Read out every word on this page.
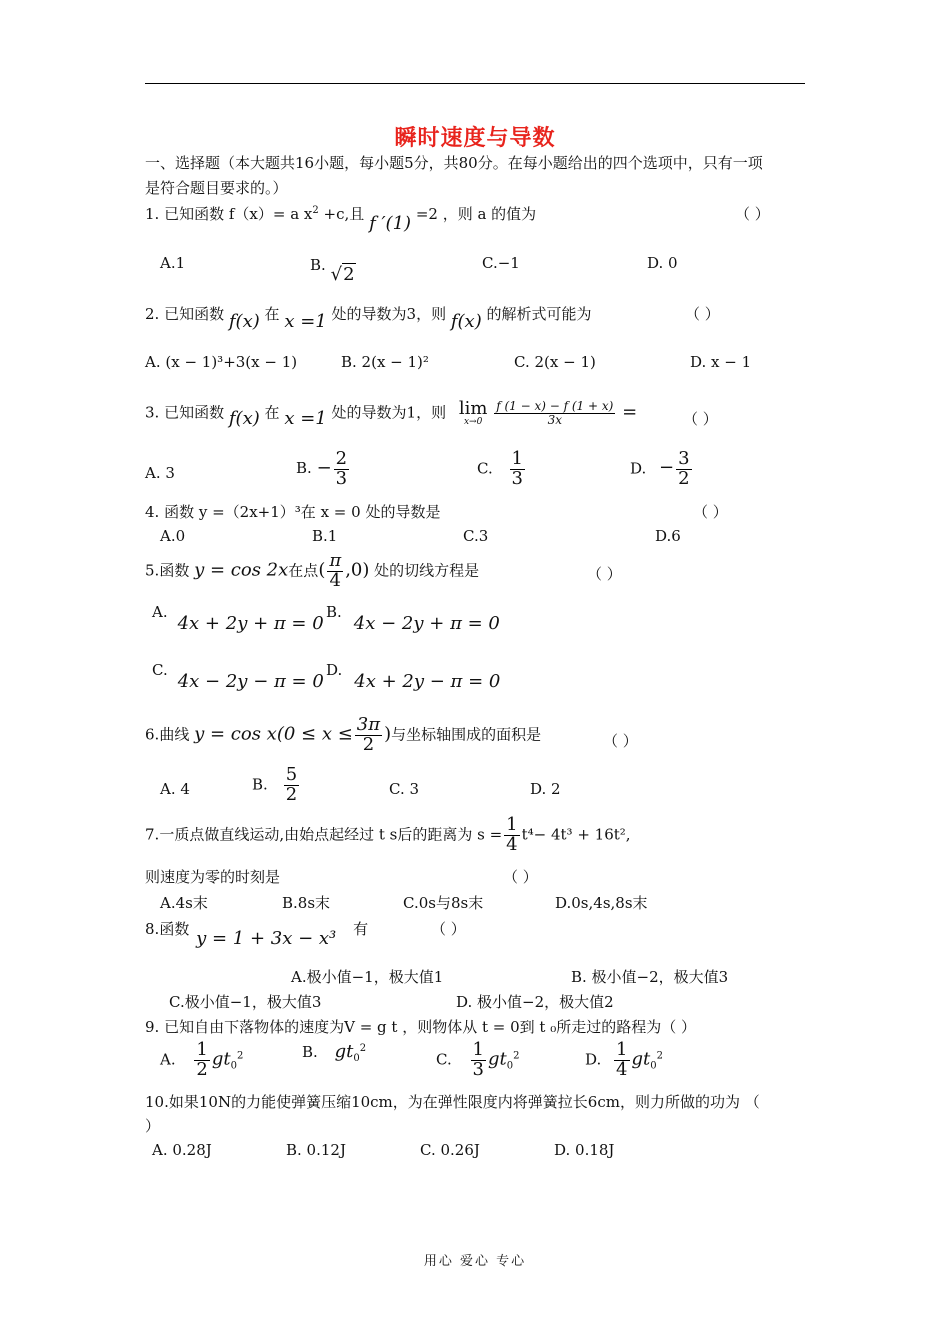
瞬时速度与导数
一、选择题（本大题共16小题，每小题5分，共80分。在每小题给出的四个选项中，只有一项
是符合题目要求的。）
1. 已知函数 f（x）= a $x^2 +c$,且 f ′(1) =2 ，则 a 的值为	（ ）
A.1	B. √2
C.−1	D. 0
2. 已知函数 f(x) 在 x =1 处的导数为3，则 f(x) 的解析式可能为	（ ）
A. (x − 1)³+3(x − 1)	B. 2(x − 1)²	C. 2(x − 1)	D. x − 1
3. 已知函数 f(x) 在 x =1 处的导数为1，则 lim
x→0
$\frac{f (1 - x) - f (1 + x)}{3x}$ =	（ ）
A. 3	B. − $\frac{2}{3}$	C. $\frac{1}{3}$	D. − $\frac{3}{2}$
4. 函数 y =（2x+1）³在 x = 0 处的导数是	（ ）
A.0	B.1	C.3	D.6
5.函数 y = cos 2x在点( $\frac{\pi}{4} ,0$) 处的切线方程是	（ ）
A.4x + 2y + π = 0
B.4x − 2y + π = 0
C.4x − 2y − π = 0
D.4x + 2y − π = 0
6.曲线 $y = \cos x(0 \le x \le \frac{3\pi}{2}$ )与坐标轴围成的面积是	（ ）
A. 4	B. $\frac{5}{2}$	C. 3	D. 2
7.一质点做直线运动,由始点起经过 t s后的距离为 $s = \frac{1}{4} t^4- 4t^3 + 16t^2$,
则速度为零的时刻是	（ ）
A.4s末	B.8s末	C.0s与8s末	D.0s,4s,8s末
8.函数 y = 1 + 3x − x³ 有	（ ）
A.极小值−1，极大值1	B. 极小值−2，极大值3
C.极小值−1，极大值3	D. 极小值−2，极大值2
9. 已知自由下落物体的速度为V = g t ，则物体从 t = 0到 t ₀所走过的路程为（ ）
A. $\frac{1}{2} gt_0^2$	B. $gt_0^2$
C. $\frac{1}{3} gt_0^2$	D. $\frac{1}{4} gt_0^2$
10.如果10N的力能使弹簧压缩10cm，为在弹性限度内将弹簧拉长6cm，则力所做的功为 （
）
A. 0.28J	B. 0.12J	C. 0.26J	D. 0.18J
用心 爱心 专心
